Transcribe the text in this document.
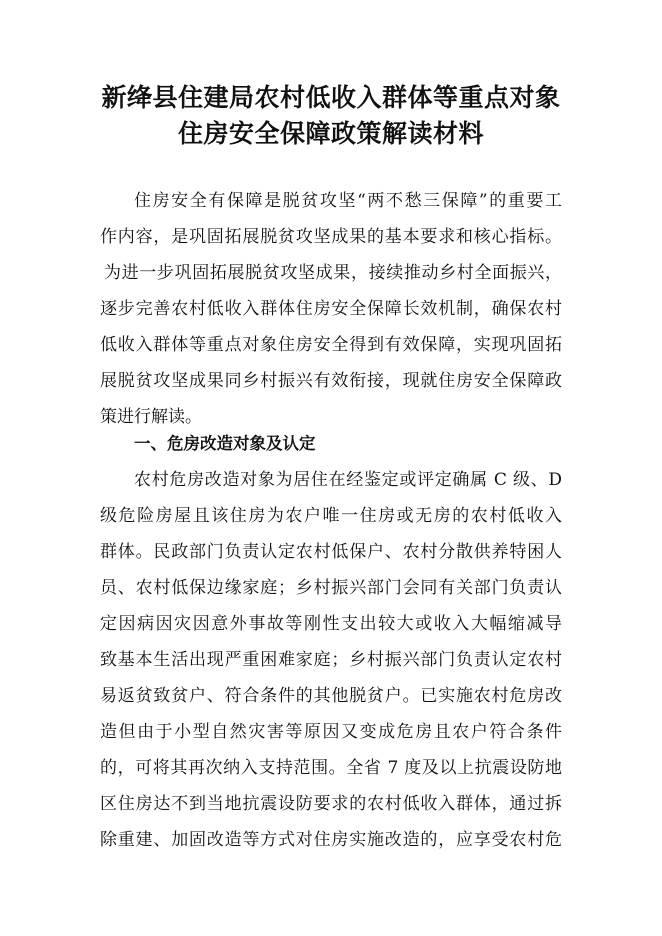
新绛县住建局农村低收入群体等重点对象
住房安全保障政策解读材料

住房安全有保障是脱贫攻坚“两不愁三保障”的重要工

作内容，是巩固拓展脱贫攻坚成果的基本要求和核心指标。

为进一步巩固拓展脱贫攻坚成果，接续推动乡村全面振兴，

逐步完善农村低收入群体住房安全保障长效机制，确保农村

低收入群体等重点对象住房安全得到有效保障，实现巩固拓

展脱贫攻坚成果同乡村振兴有效衔接，现就住房安全保障政

策进行解读。

一、危房改造对象及认定

农村危房改造对象为居住在经鉴定或评定确属 C 级、D

级危险房屋且该住房为农户唯一住房或无房的农村低收入

群体。民政部门负责认定农村低保户、农村分散供养特困人

员、农村低保边缘家庭；乡村振兴部门会同有关部门负责认

定因病因灾因意外事故等刚性支出较大或收入大幅缩减导

致基本生活出现严重困难家庭；乡村振兴部门负责认定农村

易返贫致贫户、符合条件的其他脱贫户。已实施农村危房改

造但由于小型自然灾害等原因又变成危房且农户符合条件

的，可将其再次纳入支持范围。全省 7 度及以上抗震设防地

区住房达不到当地抗震设防要求的农村低收入群体，通过拆

除重建、加固改造等方式对住房实施改造的，应享受农村危
